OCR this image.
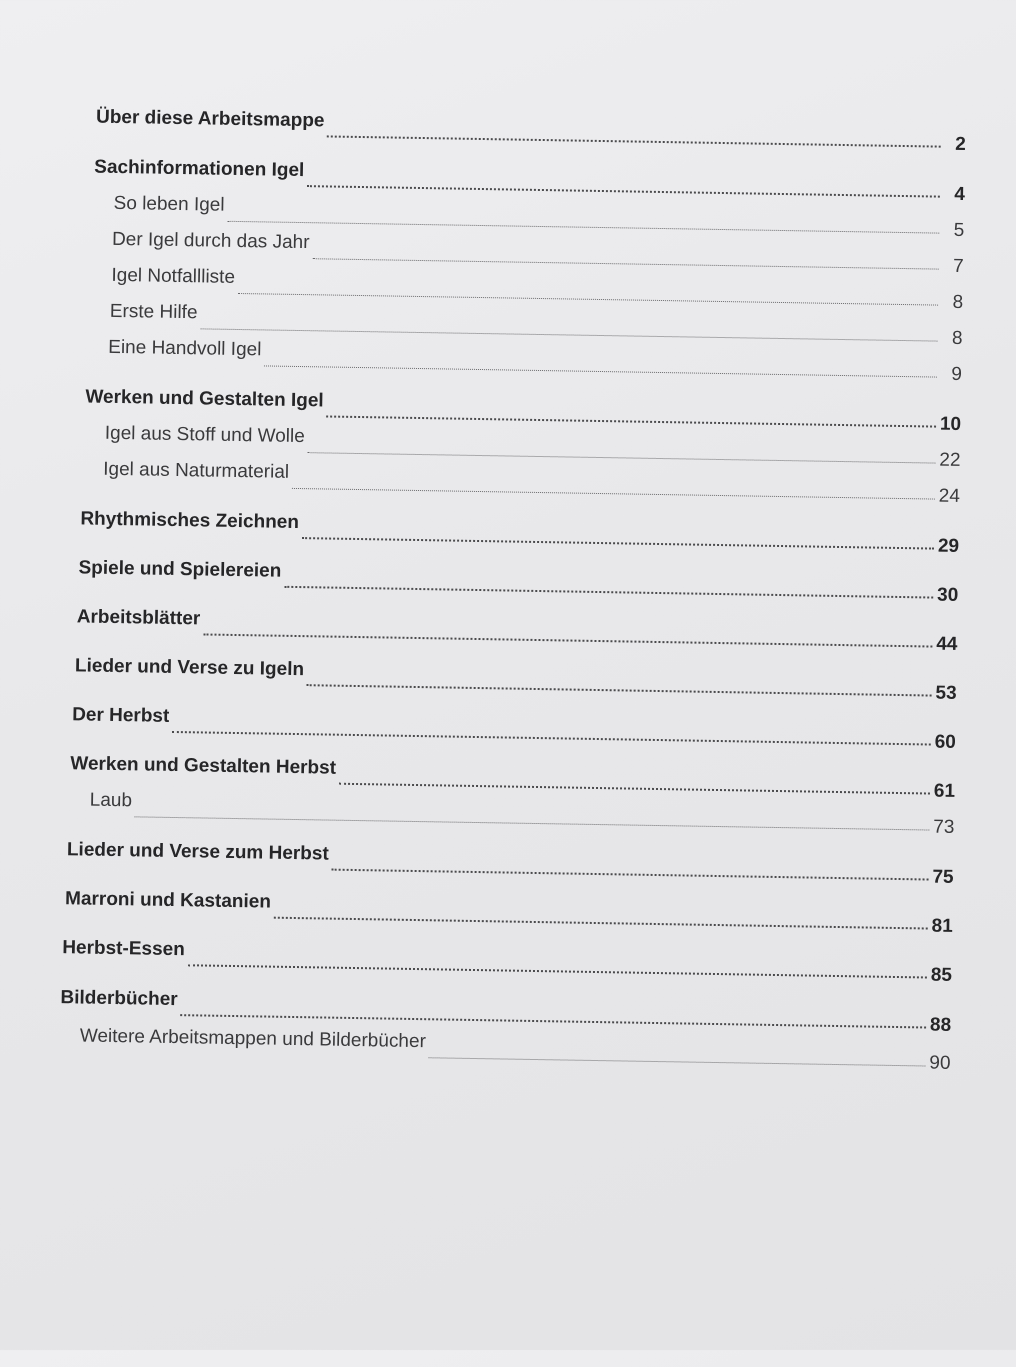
Über diese Arbeitsmappe
2
Sachinformationen Igel
4
So leben Igel
5
Der Igel durch das Jahr
7
Igel Notfallliste
8
Erste Hilfe
8
Eine Handvoll Igel
9
Werken und Gestalten Igel
10
Igel aus Stoff und Wolle
22
Igel aus Naturmaterial
24
Rhythmisches Zeichnen
29
Spiele und Spielereien
30
Arbeitsblätter
44
Lieder und Verse zu Igeln
53
Der Herbst
60
Werken und Gestalten Herbst
61
Laub
73
Lieder und Verse zum Herbst
75
Marroni und Kastanien
81
Herbst-Essen
85
Bilderbücher
88
Weitere Arbeitsmappen und Bilderbücher
90
